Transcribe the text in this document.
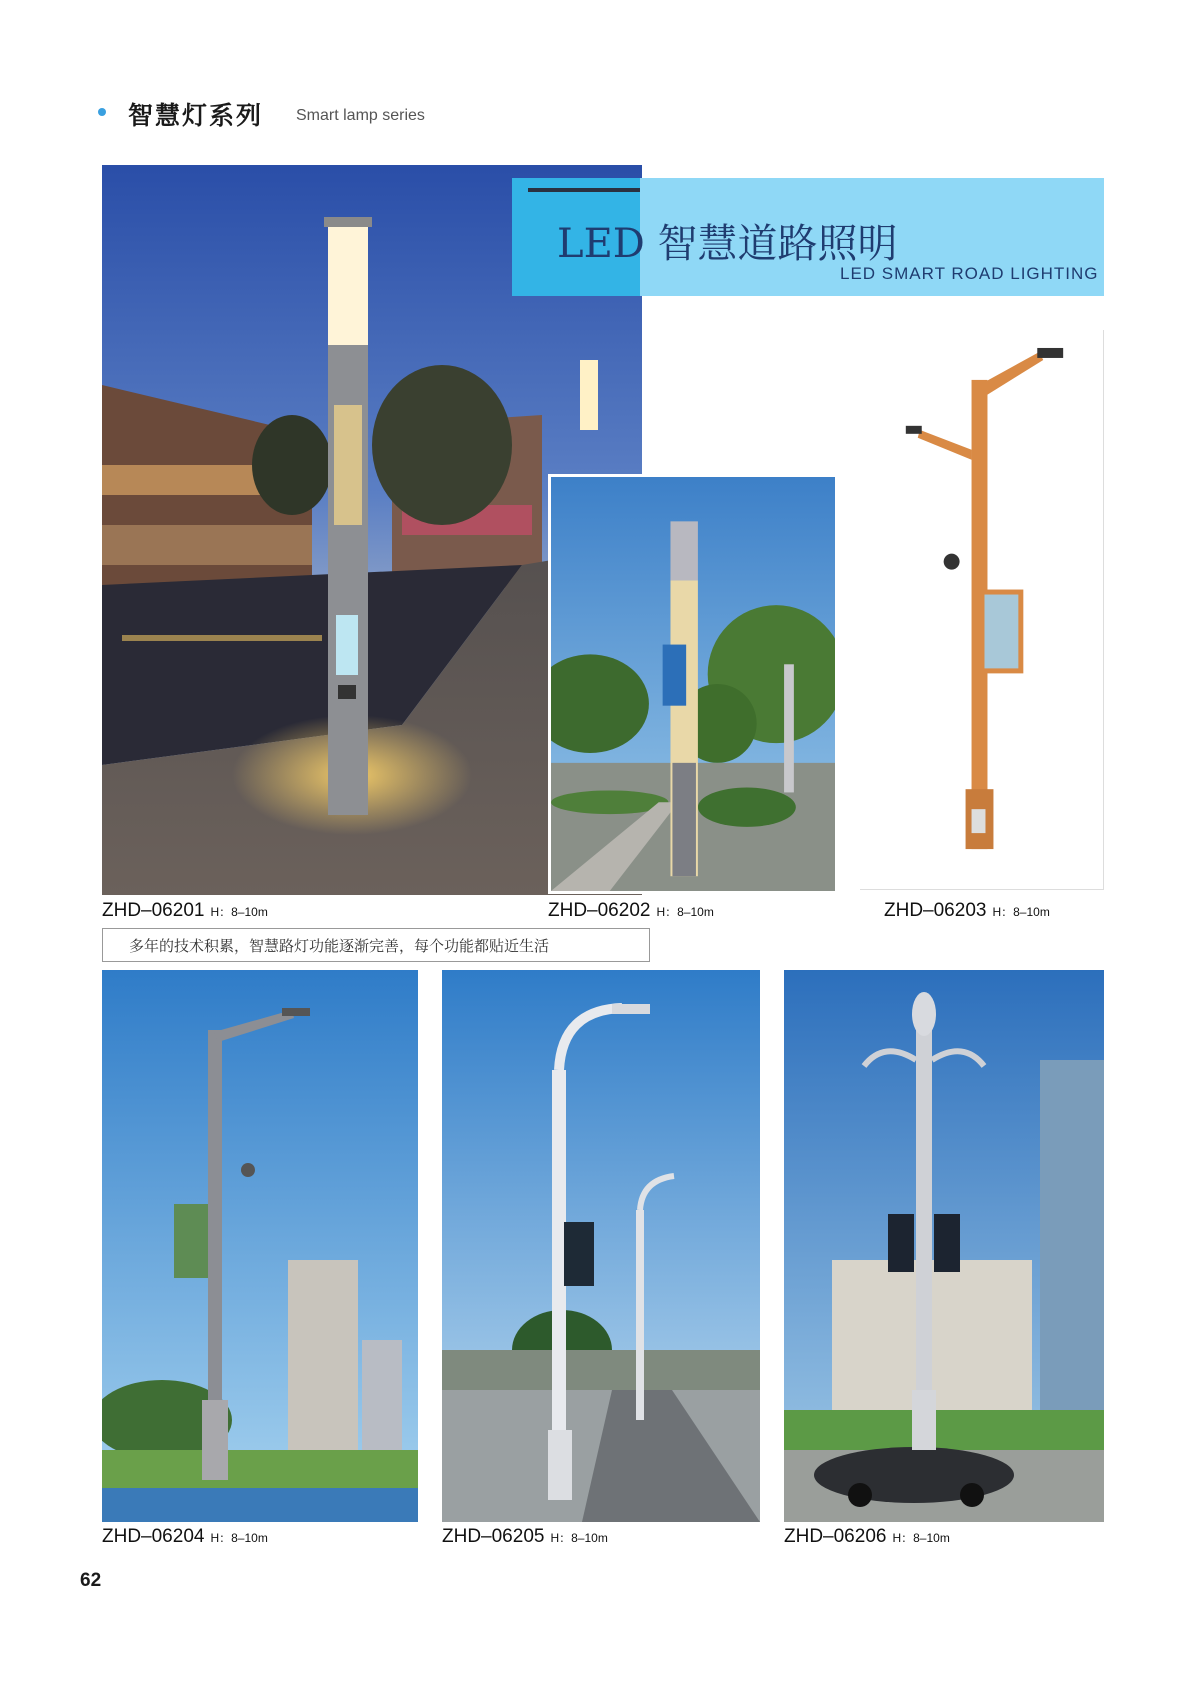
智慧灯系列 Smart lamp series
LED 智慧道路照明
LED SMART ROAD LIGHTING
ZHD–06201 H：8–10m	ZHD–06202 H：8–10m	ZHD–06203 H：8–10m
多年的技术积累，智慧路灯功能逐渐完善，每个功能都贴近生活
ZHD–06204 H：8–10m	ZHD–06205 H：8–10m	ZHD–06206 H：8–10m
62
